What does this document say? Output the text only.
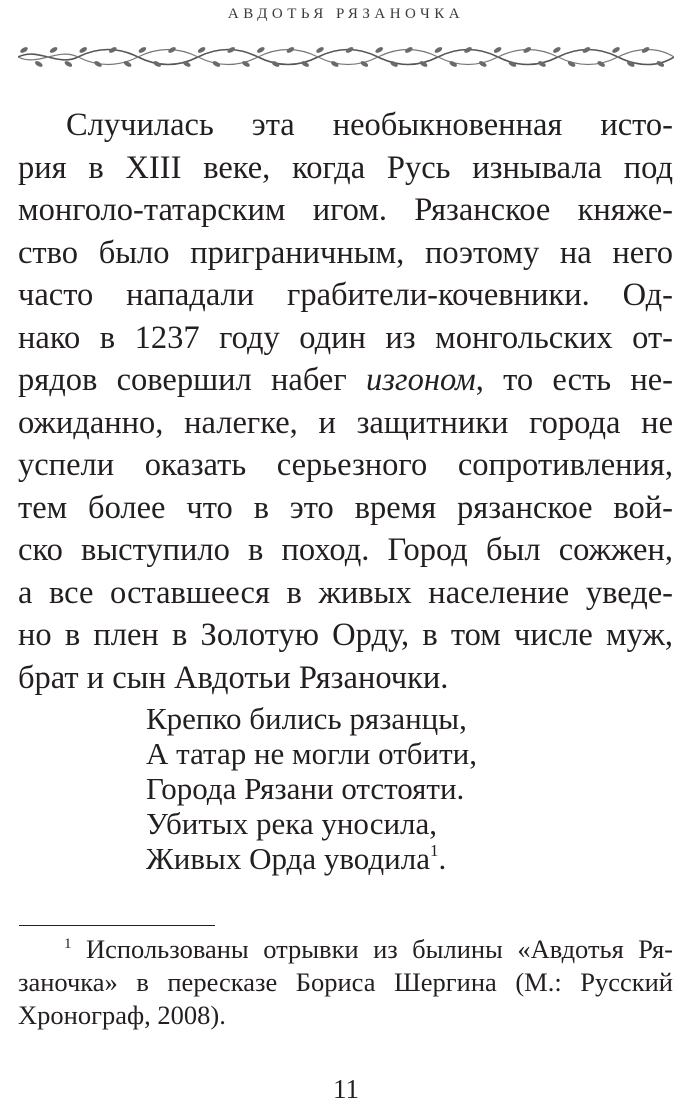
АВДОТЬЯ РЯЗАНОЧКА
Случилась эта необыкновенная исто-
рия в XIII веке, когда Русь изнывала под
монголо-татарским игом. Рязанское княже-
ство было приграничным, поэтому на него
часто нападали грабители-кочевники. Од-
нако в 1237 году один из монгольских от-
рядов совершил набег изгоном, то есть не-
ожиданно, налегке, и защитники города не
успели оказать серьезного сопротивления,
тем более что в это время рязанское вой-
ско выступило в поход. Город был сожжен,
а все оставшееся в живых население уведе-
но в плен в Золотую Орду, в том числе муж,
брат и сын Авдотьи Рязаночки.
Крепко бились рязанцы,
А татар не могли отбити,
Города Рязани отстояти.
Убитых река уносила,
Живых Орда уводила$^1$.
$^1$ Использованы отрывки из былины «Авдотья Ря-
заночка» в пересказе Бориса Шергина (М.: Русский
Хронограф, 2008).
11
